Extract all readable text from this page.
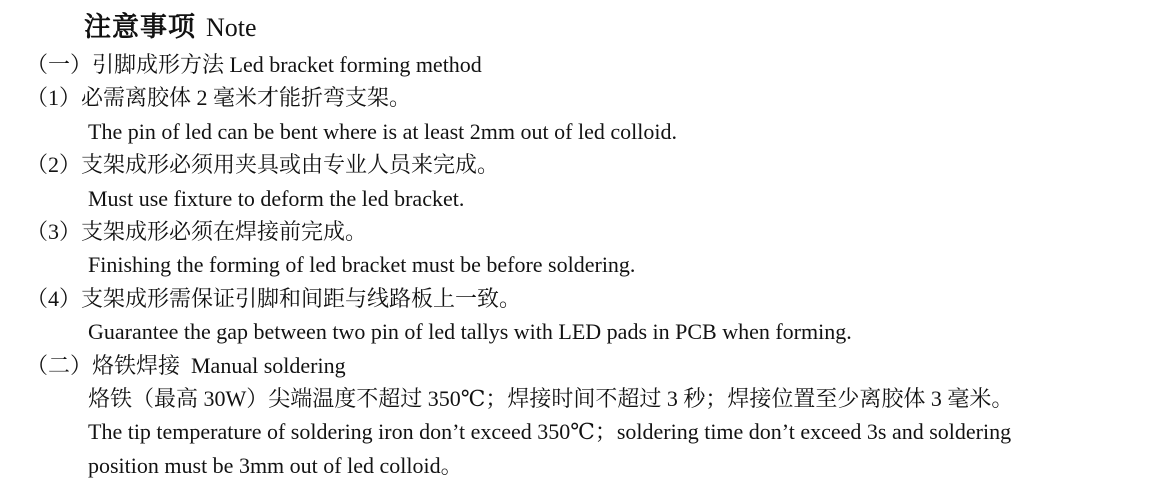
注意事项 Note
（一）引脚成形方法 Led bracket forming method
（1）必需离胶体 2 毫米才能折弯支架。
The pin of led can be bent where is at least 2mm out of led colloid.
（2）支架成形必须用夹具或由专业人员来完成。
Must use fixture to deform the led bracket.
（3）支架成形必须在焊接前完成。
Finishing the forming of led bracket must be before soldering.
（4）支架成形需保证引脚和间距与线路板上一致。
Guarantee the gap between two pin of led tallys with LED pads in PCB when forming.
（二）烙铁焊接  Manual soldering
烙铁（最高 30W）尖端温度不超过 350℃；焊接时间不超过 3 秒；焊接位置至少离胶体 3 毫米。
The tip temperature of soldering iron don’t exceed 350℃；soldering time don’t exceed 3s and soldering
position must be 3mm out of led colloid。
